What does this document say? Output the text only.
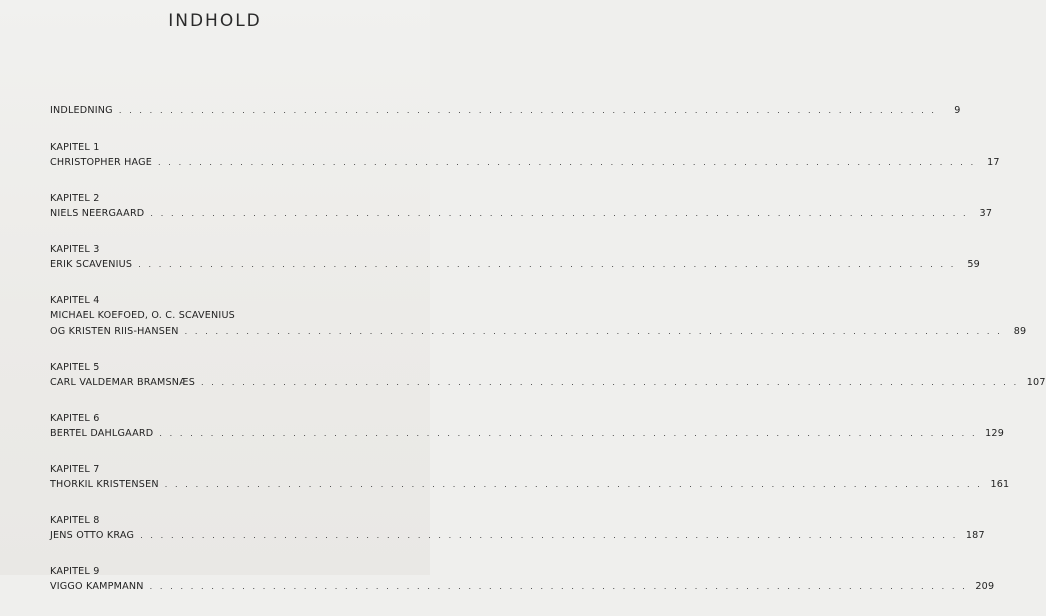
INDHOLD
INDLEDNING . . .	9
KAPITEL 1
CHRISTOPHER HAGE . . .	17
KAPITEL 2
NIELS NEERGAARD . . .	37
KAPITEL 3
ERIK SCAVENIUS . . .	59
KAPITEL 4
MICHAEL KOEFOED, O. C. SCAVENIUS
OG KRISTEN RIIS-HANSEN . . .	89
KAPITEL 5
CARL VALDEMAR BRAMSNÆS . . .	107
KAPITEL 6
BERTEL DAHLGAARD . . .	129
KAPITEL 7
THORKIL KRISTENSEN . . .	161
KAPITEL 8
JENS OTTO KRAG . . .	187
KAPITEL 9
VIGGO KAMPMANN . . .	209
